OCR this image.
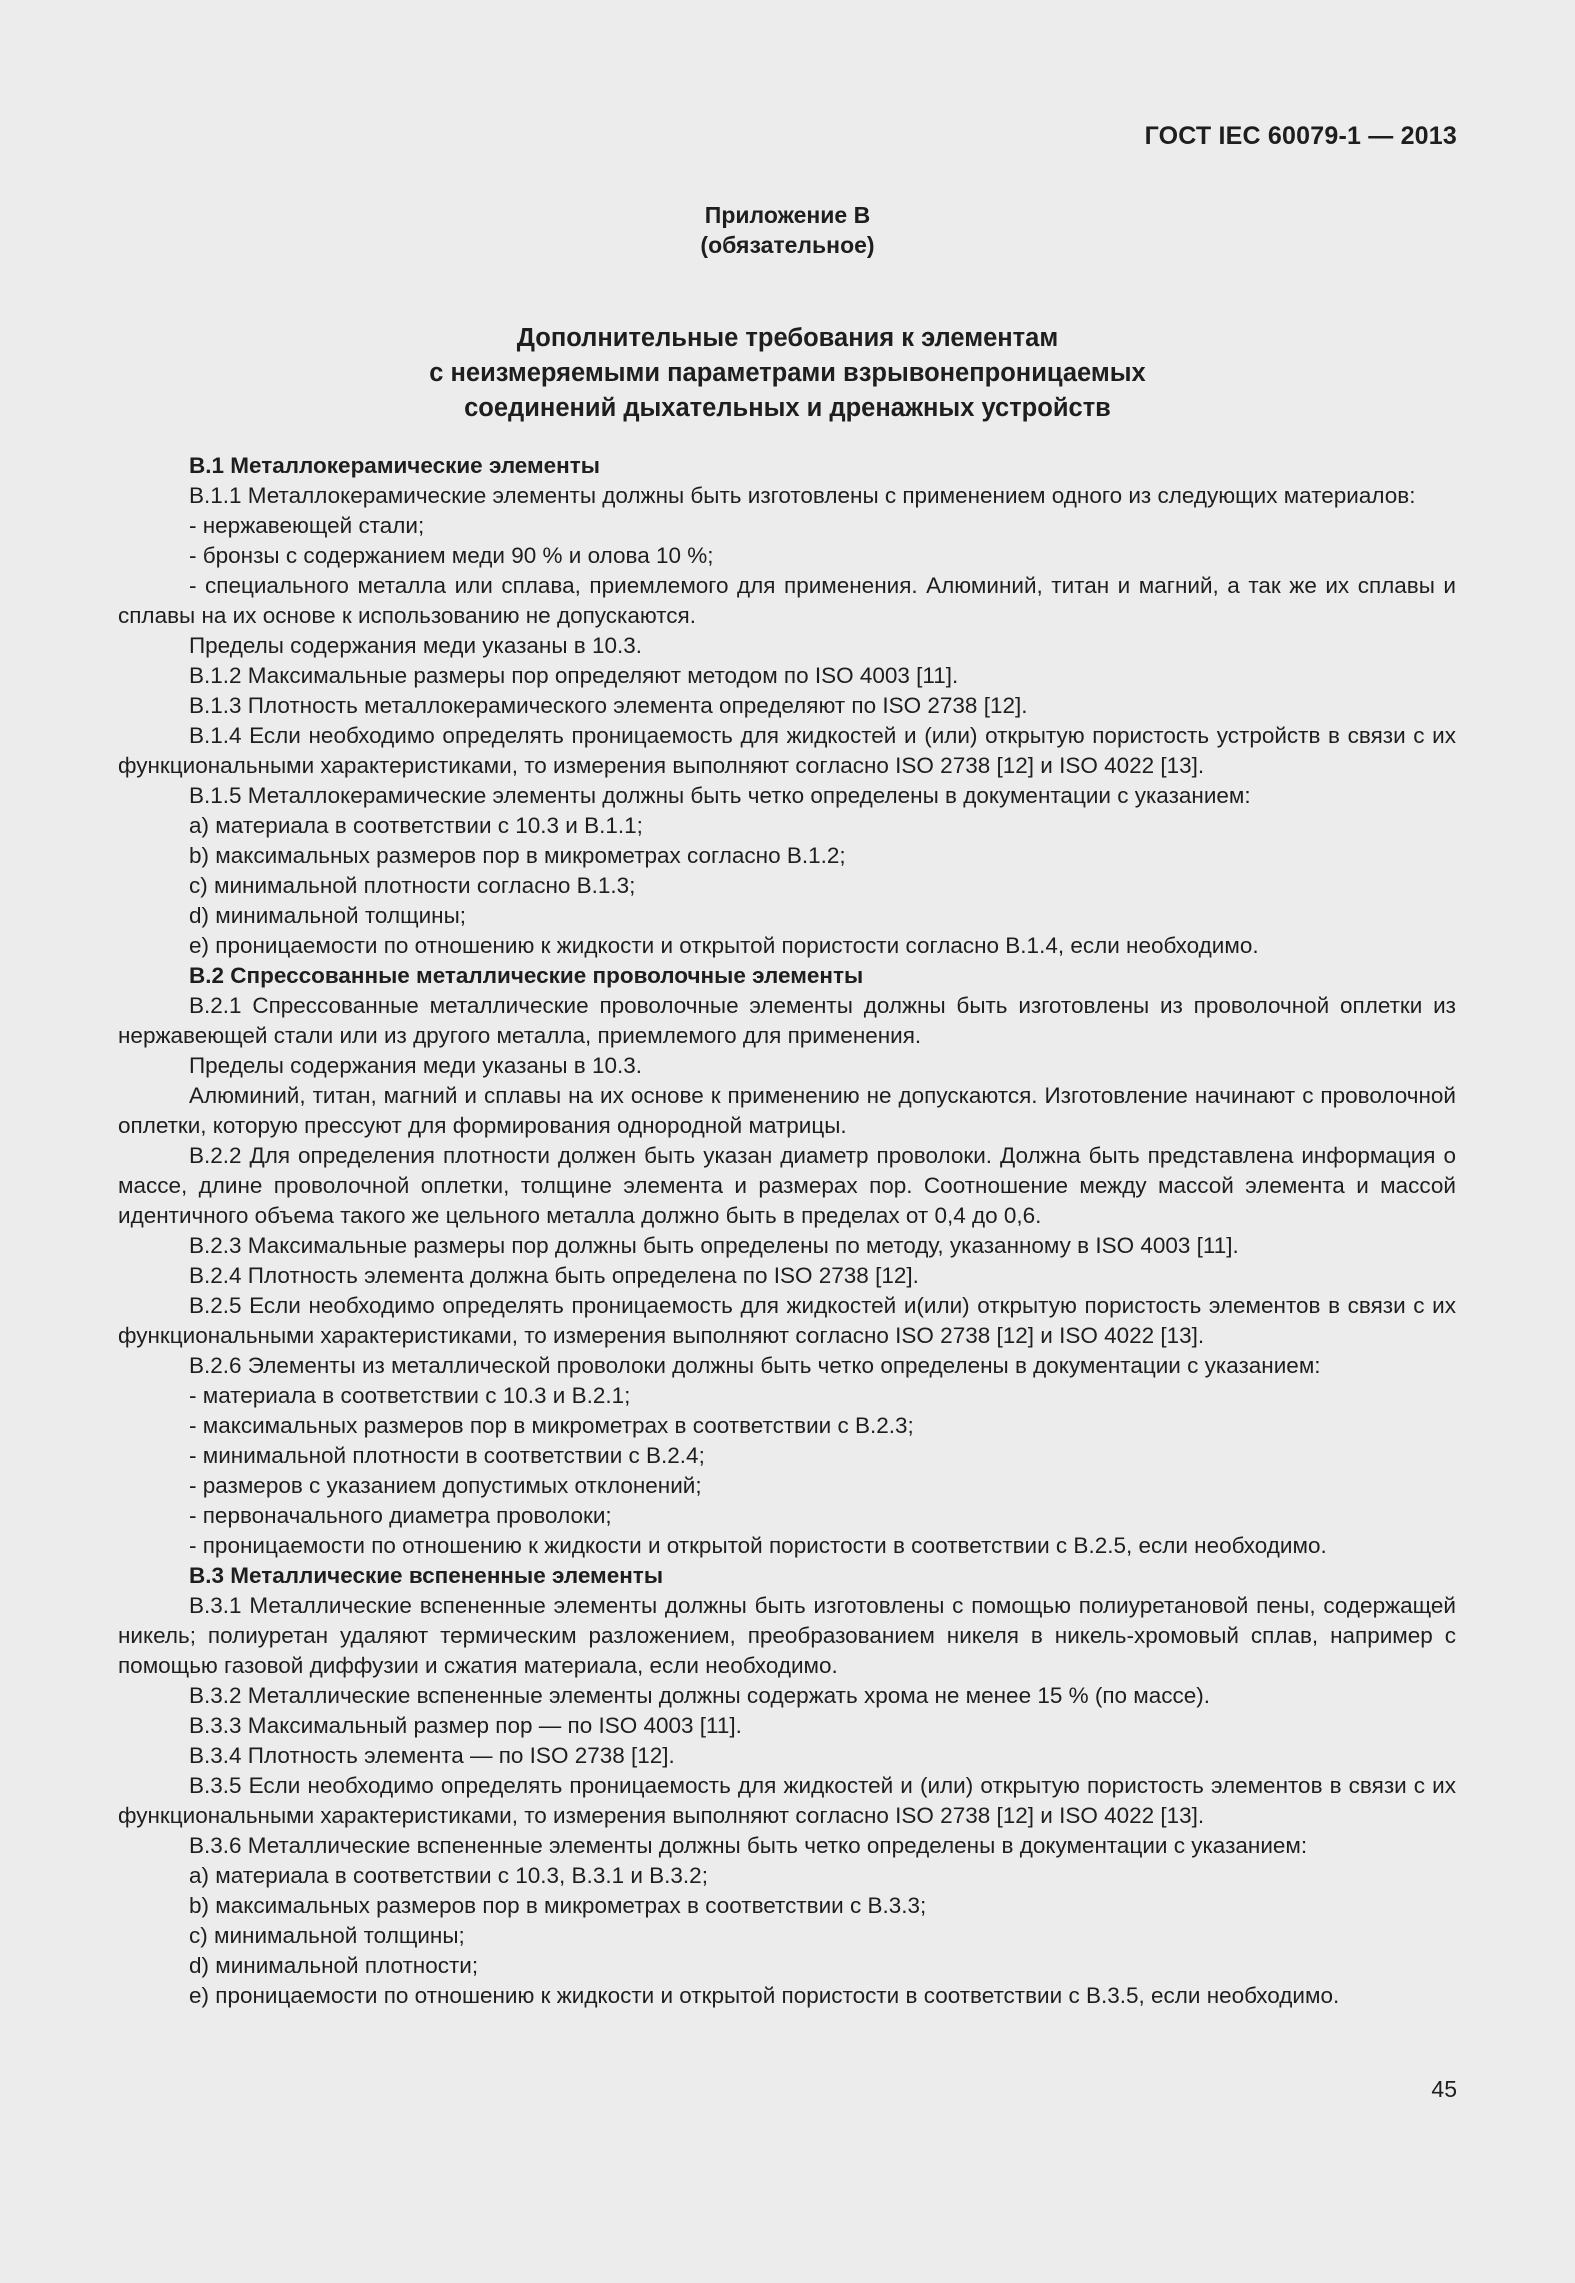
ГОСТ IEC 60079-1 — 2013
Приложение В
(обязательное)
Дополнительные требования к элементам
с неизмеряемыми параметрами взрывонепроницаемых
соединений дыхательных и дренажных устройств

В.1 Металлокерамические элементы

В.1.1 Металлокерамические элементы должны быть изготовлены с применением одного из следующих материалов:

- нержавеющей стали;

- бронзы с содержанием меди 90 % и олова 10 %;

- специального металла или сплава, приемлемого для применения. Алюминий, титан и магний, а так же их сплавы и сплавы на их основе к использованию не допускаются.

Пределы содержания меди указаны в 10.3.

В.1.2 Максимальные размеры пор определяют методом по ISO 4003 [11].

В.1.3 Плотность металлокерамического элемента определяют по ISO 2738 [12].

В.1.4 Если необходимо определять проницаемость для жидкостей и (или) открытую пористость устройств в связи с их функциональными характеристиками, то измерения выполняют согласно ISO 2738 [12] и ISO 4022 [13].

В.1.5 Металлокерамические элементы должны быть четко определены в документации с указанием:

a) материала в соответствии с 10.3 и В.1.1;

b) максимальных размеров пор в микрометрах согласно В.1.2;

c) минимальной плотности согласно В.1.3;

d) минимальной толщины;

e) проницаемости по отношению к жидкости и открытой пористости согласно В.1.4, если необходимо.

В.2 Спрессованные металлические проволочные элементы

В.2.1 Спрессованные металлические проволочные элементы должны быть изготовлены из проволочной оплетки из нержавеющей стали или из другого металла, приемлемого для применения.

Пределы содержания меди указаны в 10.3.

Алюминий, титан, магний и сплавы на их основе к применению не допускаются. Изготовление начинают с проволочной оплетки, которую прессуют для формирования однородной матрицы.

В.2.2 Для определения плотности должен быть указан диаметр проволоки. Должна быть представлена информация о массе, длине проволочной оплетки, толщине элемента и размерах пор. Соотношение между массой элемента и массой идентичного объема такого же цельного металла должно быть в пределах от 0,4 до 0,6.

В.2.3 Максимальные размеры пор должны быть определены по методу, указанному в ISO 4003 [11].

В.2.4 Плотность элемента должна быть определена по ISO 2738 [12].

В.2.5 Если необходимо определять проницаемость для жидкостей и(или) открытую пористость элементов в связи с их функциональными характеристиками, то измерения выполняют согласно ISO 2738 [12] и ISO 4022 [13].

В.2.6 Элементы из металлической проволоки должны быть четко определены в документации с указанием:

- материала в соответствии с 10.3 и В.2.1;

- максимальных размеров пор в микрометрах в соответствии с В.2.3;

- минимальной плотности в соответствии с В.2.4;

- размеров с указанием допустимых отклонений;

- первоначального диаметра проволоки;

- проницаемости по отношению к жидкости и открытой пористости в соответствии с В.2.5, если необходимо.

В.3 Металлические вспененные элементы

В.3.1 Металлические вспененные элементы должны быть изготовлены с помощью полиуретановой пены, содержащей никель; полиуретан удаляют термическим разложением, преобразованием никеля в никель-хромовый сплав, например с помощью газовой диффузии и сжатия материала, если необходимо.

В.3.2 Металлические вспененные элементы должны содержать хрома не менее 15 % (по массе).

В.3.3 Максимальный размер пор — по ISO 4003 [11].

В.3.4 Плотность элемента — по ISO 2738 [12].

В.3.5 Если необходимо определять проницаемость для жидкостей и (или) открытую пористость элементов в связи с их функциональными характеристиками, то измерения выполняют согласно ISO 2738 [12] и ISO 4022 [13].

В.3.6 Металлические вспененные элементы должны быть четко определены в документации с указанием:

a) материала в соответствии с 10.3, В.3.1 и В.3.2;

b) максимальных размеров пор в микрометрах в соответствии с В.3.3;

c) минимальной толщины;

d) минимальной плотности;

e) проницаемости по отношению к жидкости и открытой пористости в соответствии с В.3.5, если необходимо.

45
